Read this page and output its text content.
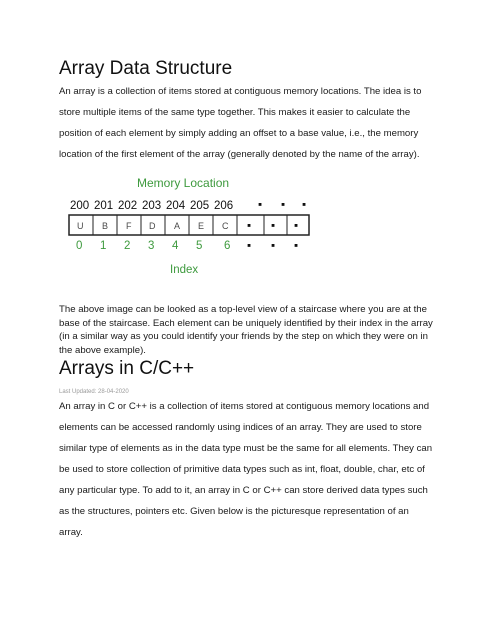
Array Data Structure

An array is a collection of items stored at contiguous memory locations. The idea is to
store multiple items of the same type together. This makes it easier to calculate the
position of each element by simply adding an offset to a base value, i.e., the memory
location of the first element of the array (generally denoted by the name of the array).

Memory Location
200 201 202 203 204 205 206 ▪ ▪ ▪
U B F D A E C ▪ ▪ ▪
0 1 2 3 4 5 6 ▪ ▪ ▪
Index

The above image can be looked as a top-level view of a staircase where you are at the
base of the staircase. Each element can be uniquely identified by their index in the array
(in a similar way as you could identify your friends by the step on which they were on in
the above example).

Arrays in C/C++

Last Updated: 28-04-2020

An array in C or C++ is a collection of items stored at contiguous memory locations and
elements can be accessed randomly using indices of an array. They are used to store
similar type of elements as in the data type must be the same for all elements. They can
be used to store collection of primitive data types such as int, float, double, char, etc of
any particular type. To add to it, an array in C or C++ can store derived data types such
as the structures, pointers etc. Given below is the picturesque representation of an
array.
